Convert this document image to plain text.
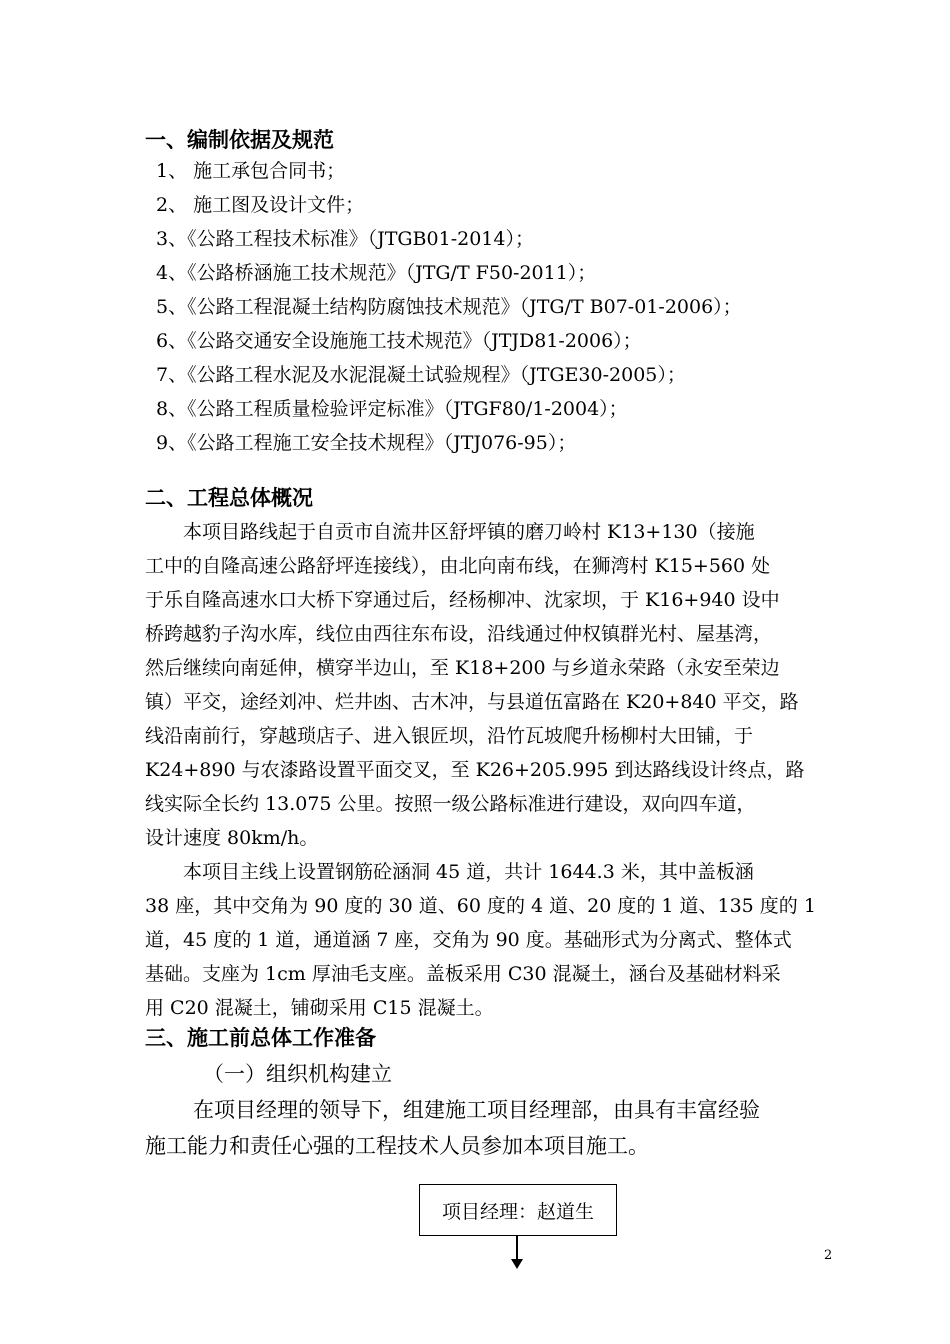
一、编制依据及规范
1、 施工承包合同书；
2、 施工图及设计文件；
3、《公路工程技术标准》（JTGB01-2014）；
4、《公路桥涵施工技术规范》（JTG/T F50-2011）；
5、《公路工程混凝土结构防腐蚀技术规范》（JTG/T B07-01-2006）；
6、《公路交通安全设施施工技术规范》（JTJD81-2006）；
7、《公路工程水泥及水泥混凝土试验规程》（JTGE30-2005）；
8、《公路工程质量检验评定标准》（JTGF80/1-2004）；
9、《公路工程施工安全技术规程》（JTJ076-95）；
二、工程总体概况
本项目路线起于自贡市自流井区舒坪镇的磨刀岭村 K13+130（接施
工中的自隆高速公路舒坪连接线），由北向南布线，在狮湾村 K15+560 处
于乐自隆高速水口大桥下穿通过后，经杨柳冲、沈家坝，于 K16+940 设中
桥跨越豹子沟水库，线位由西往东布设，沿线通过仲权镇群光村、屋基湾，
然后继续向南延伸，横穿半边山，至 K18+200 与乡道永荣路（永安至荣边
镇）平交，途经刘冲、烂井凼、古木冲，与县道伍富路在 K20+840 平交，路
线沿南前行，穿越琐店子、进入银匠坝，沿竹瓦坡爬升杨柳村大田铺，于
K24+890 与农漆路设置平面交叉，至 K26+205.995 到达路线设计终点，路
线实际全长约 13.075 公里。按照一级公路标准进行建设，双向四车道，
设计速度 80km/h。
本项目主线上设置钢筋砼涵洞 45 道，共计 1644.3 米，其中盖板涵
38 座，其中交角为 90 度的 30 道、60 度的 4 道、20 度的 1 道、135 度的 1
道，45 度的 1 道，通道涵 7 座，交角为 90 度。基础形式为分离式、整体式
基础。支座为 1cm 厚油毛支座。盖板采用 C30 混凝土，涵台及基础材料采
用 C20 混凝土，铺砌采用 C15 混凝土。
三、施工前总体工作准备
（一）组织机构建立
在项目经理的领导下，组建施工项目经理部，由具有丰富经验
施工能力和责任心强的工程技术人员参加本项目施工。
项目经理：赵道生
2
